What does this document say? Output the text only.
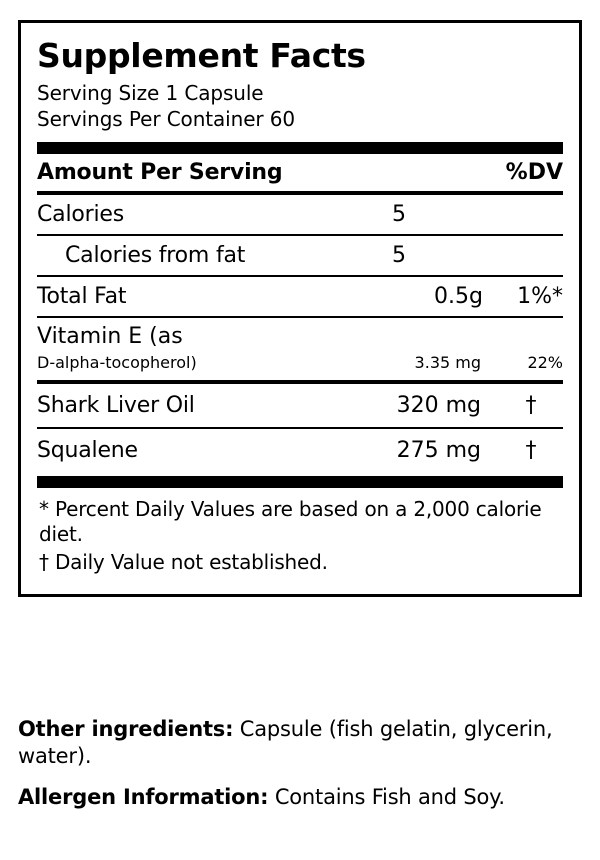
Supplement Facts
Serving Size 1 Capsule
Servings Per Container 60
Amount Per Serving	%DV
Calories	5
Calories from fat	5
Total Fat	0.5g	1%*
Vitamin E (as
D-alpha-tocopherol)	3.35 mg	22%
Shark Liver Oil	320 mg	†
Squalene	275 mg	†

* Percent Daily Values are based on a 2,000 calorie diet.

† Daily Value not established.

Other ingredients: Capsule (fish gelatin, glycerin, water).

Allergen Information: Contains Fish and Soy.
